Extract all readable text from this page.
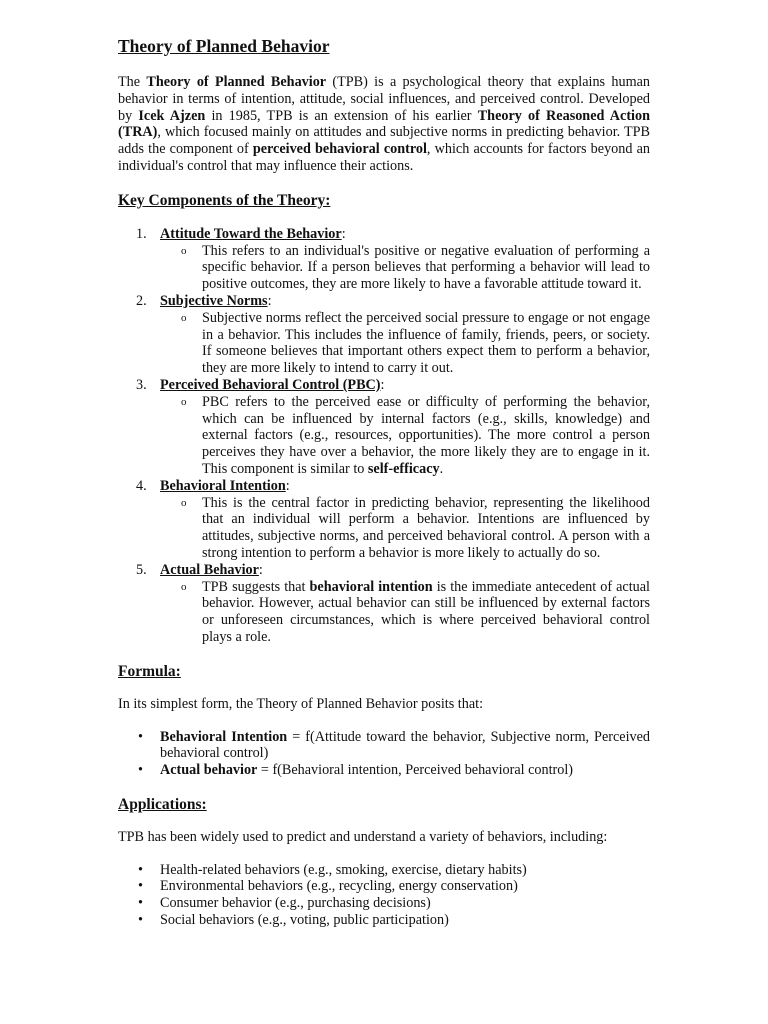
Theory of Planned Behavior

The Theory of Planned Behavior (TPB) is a psychological theory that explains human behavior in terms of intention, attitude, social influences, and perceived control. Developed by Icek Ajzen in 1985, TPB is an extension of his earlier Theory of Reasoned Action (TRA), which focused mainly on attitudes and subjective norms in predicting behavior. TPB adds the component of perceived behavioral control, which accounts for factors beyond an individual's control that may influence their actions.

Key Components of the Theory:
1. Attitude Toward the Behavior:

o This refers to an individual's positive or negative evaluation of performing a specific behavior. If a person believes that performing a behavior will lead to positive outcomes, they are more likely to have a favorable attitude toward it.

2. Subjective Norms:

o Subjective norms reflect the perceived social pressure to engage or not engage in a behavior. This includes the influence of family, friends, peers, or society. If someone believes that important others expect them to perform a behavior, they are more likely to intend to carry it out.

3. Perceived Behavioral Control (PBC):

o PBC refers to the perceived ease or difficulty of performing the behavior, which can be influenced by internal factors (e.g., skills, knowledge) and external factors (e.g., resources, opportunities). The more control a person perceives they have over a behavior, the more likely they are to engage in it. This component is similar to self-efficacy.

4. Behavioral Intention:

o This is the central factor in predicting behavior, representing the likelihood that an individual will perform a behavior. Intentions are influenced by attitudes, subjective norms, and perceived behavioral control. A person with a strong intention to perform a behavior is more likely to actually do so.

5. Actual Behavior:

o TPB suggests that behavioral intention is the immediate antecedent of actual behavior. However, actual behavior can still be influenced by external factors or unforeseen circumstances, which is where perceived behavioral control plays a role.

Formula:

In its simplest form, the Theory of Planned Behavior posits that:

• Behavioral Intention = f(Attitude toward the behavior, Subjective norm, Perceived behavioral control)
• Actual behavior = f(Behavioral intention, Perceived behavioral control)
Applications:

TPB has been widely used to predict and understand a variety of behaviors, including:

• Health-related behaviors (e.g., smoking, exercise, dietary habits)
• Environmental behaviors (e.g., recycling, energy conservation)
• Consumer behavior (e.g., purchasing decisions)
• Social behaviors (e.g., voting, public participation)
